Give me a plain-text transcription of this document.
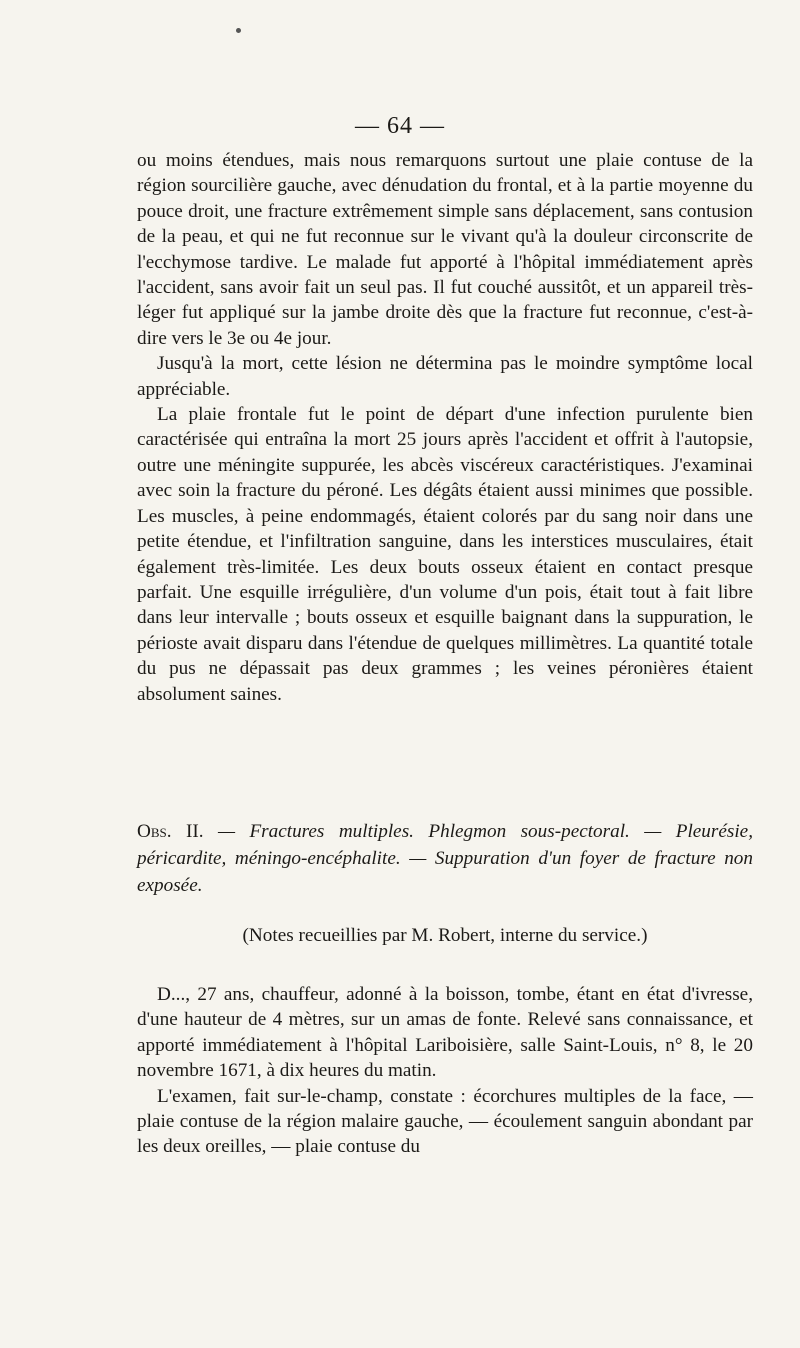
— 64 —

ou moins étendues, mais nous remarquons surtout une plaie contuse de la région sourcilière gauche, avec dénudation du frontal, et à la partie moyenne du pouce droit, une fracture extrêmement simple sans déplacement, sans contusion de la peau, et qui ne fut reconnue sur le vivant qu'à la douleur circonscrite de l'ecchymose tardive. Le malade fut apporté à l'hôpital immédiatement après l'accident, sans avoir fait un seul pas. Il fut couché aussitôt, et un appareil très-léger fut appliqué sur la jambe droite dès que la fracture fut reconnue, c'est-à-dire vers le 3e ou 4e jour.

Jusqu'à la mort, cette lésion ne détermina pas le moindre symptôme local appréciable.

La plaie frontale fut le point de départ d'une infection purulente bien caractérisée qui entraîna la mort 25 jours après l'accident et offrit à l'autopsie, outre une méningite suppurée, les abcès viscéreux caractéristiques. J'examinai avec soin la fracture du péroné. Les dégâts étaient aussi minimes que possible. Les muscles, à peine endommagés, étaient colorés par du sang noir dans une petite étendue, et l'infiltration sanguine, dans les interstices musculaires, était également très-limitée. Les deux bouts osseux étaient en contact presque parfait. Une esquille irrégulière, d'un volume d'un pois, était tout à fait libre dans leur intervalle ; bouts osseux et esquille baignant dans la suppuration, le périoste avait disparu dans l'étendue de quelques millimètres. La quantité totale du pus ne dépassait pas deux grammes ; les veines péronières étaient absolument saines.

Obs. II. — Fractures multiples. Phlegmon sous-pectoral. — Pleurésie, péricardite, méningo-encéphalite. — Suppuration d'un foyer de fracture non exposée.

(Notes recueillies par M. Robert, interne du service.)

D..., 27 ans, chauffeur, adonné à la boisson, tombe, étant en état d'ivresse, d'une hauteur de 4 mètres, sur un amas de fonte. Relevé sans connaissance, et apporté immédiatement à l'hôpital Lariboisière, salle Saint-Louis, n° 8, le 20 novembre 1671, à dix heures du matin.

L'examen, fait sur-le-champ, constate : écorchures multiples de la face, — plaie contuse de la région malaire gauche, — écoulement sanguin abondant par les deux oreilles, — plaie contuse du
